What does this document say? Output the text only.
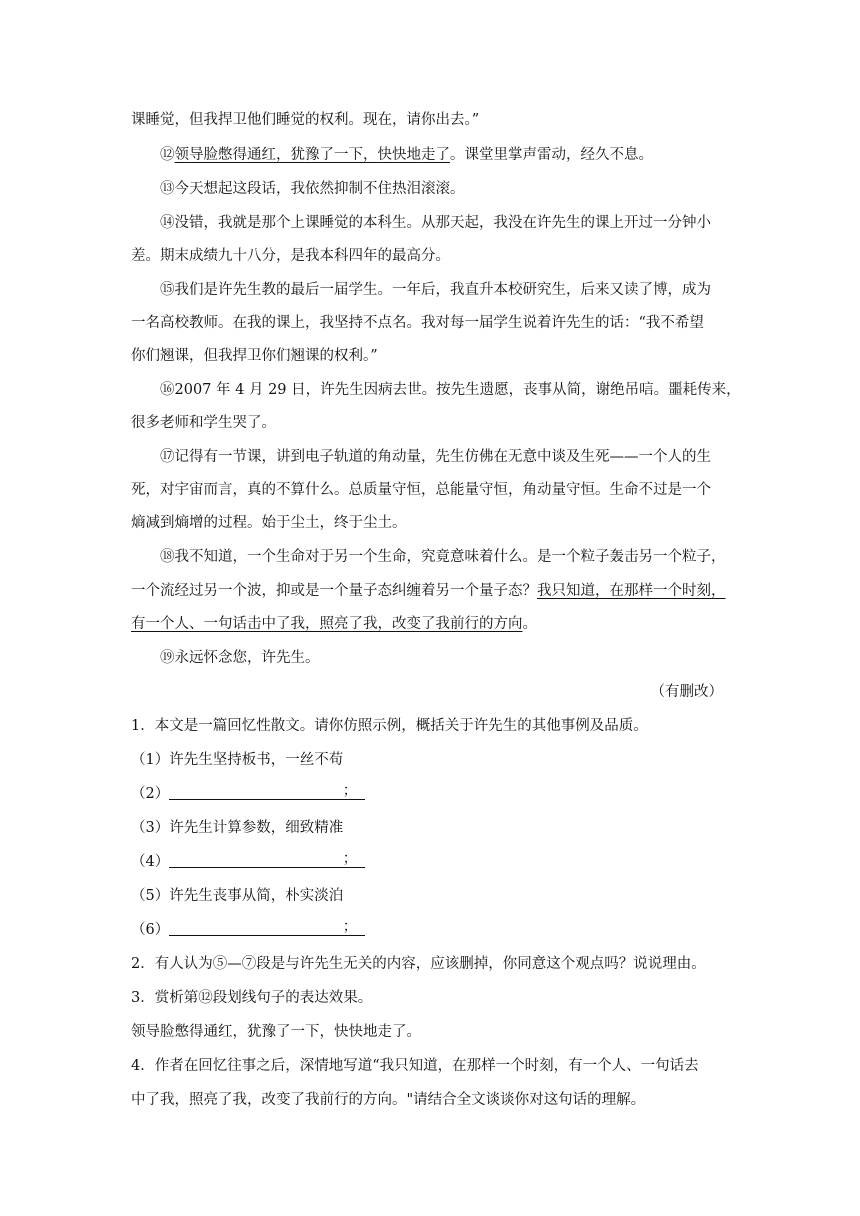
课睡觉，但我捍卫他们睡觉的权利。现在，请你出去。”
⑫领导脸憋得通红，犹豫了一下，快快地走了。课堂里掌声雷动，经久不息。
⑬今天想起这段话，我依然抑制不住热泪滚滚。
⑭没错，我就是那个上课睡觉的本科生。从那天起，我没在许先生的课上开过一分钟小
差。期末成绩九十八分，是我本科四年的最高分。
⑮我们是许先生教的最后一届学生。一年后，我直升本校研究生，后来又读了博，成为
一名高校教师。在我的课上，我坚持不点名。我对每一届学生说着许先生的话：“我不希望
你们翘课，但我捍卫你们翘课的权利。”
⑯2007 年 4 月 29 日，许先生因病去世。按先生遗愿，丧事从简，谢绝吊唁。噩耗传来，
很多老师和学生哭了。
⑰记得有一节课，讲到电子轨道的角动量，先生仿佛在无意中谈及生死——一个人的生
死，对宇宙而言，真的不算什么。总质量守恒，总能量守恒，角动量守恒。生命不过是一个
熵减到熵增的过程。始于尘土，终于尘土。
⑱我不知道，一个生命对于另一个生命，究竟意味着什么。是一个粒子轰击另一个粒子，
一个流经过另一个波，抑或是一个量子态纠缠着另一个量子态？我只知道，在那样一个时刻，
有一个人、一句话击中了我，照亮了我，改变了我前行的方向。
⑲永远怀念您，许先生。
（有删改）
1．本文是一篇回忆性散文。请你仿照示例，概括关于许先生的其他事例及品质。
（1）许先生坚持板书，一丝不苟
（2）	；
（3）许先生计算参数，细致精准
（4）	；
（5）许先生丧事从简，朴实淡泊
（6）	；
2．有人认为⑤—⑦段是与许先生无关的内容，应该删掉，你同意这个观点吗？说说理由。
3．赏析第⑫段划线句子的表达效果。
领导脸憋得通红，犹豫了一下，快快地走了。
4．作者在回忆往事之后，深情地写道“我只知道，在那样一个时刻，有一个人、一句话去
中了我，照亮了我，改变了我前行的方向。"请结合全文谈谈你对这句话的理解。
